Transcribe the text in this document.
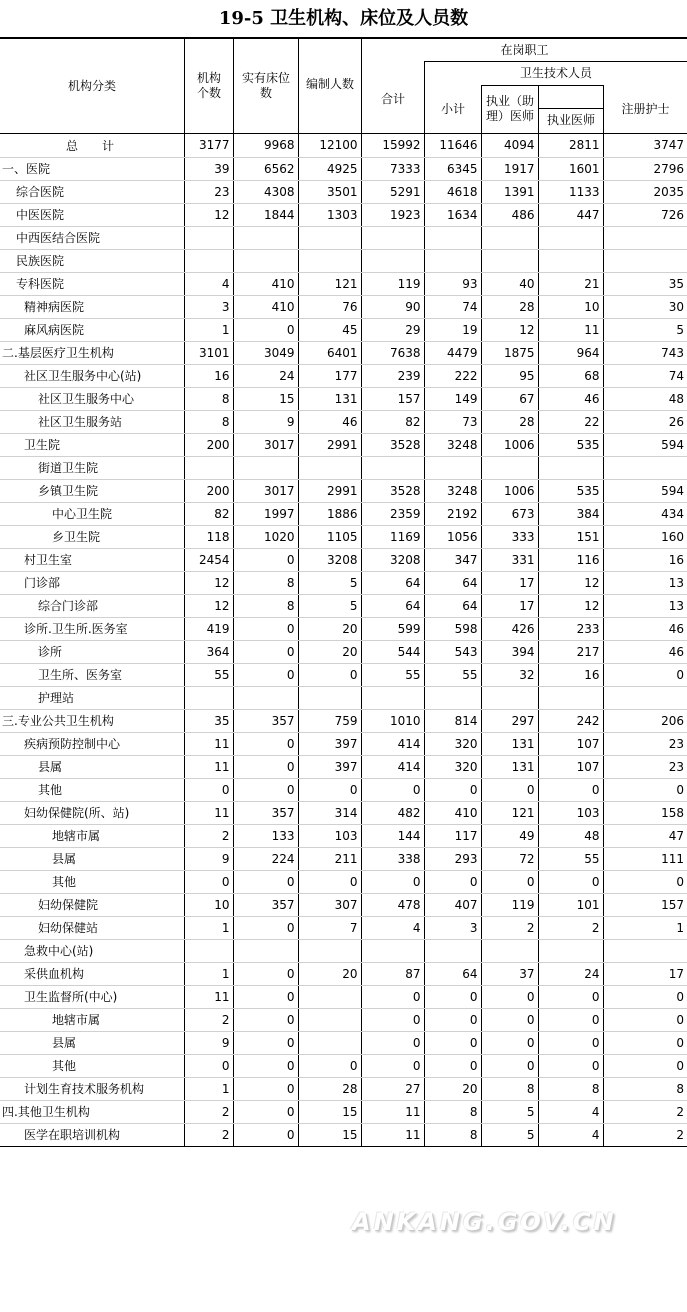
19-5 卫生机构、床位及人员数
机构分类
机构个数
实有床位数
编制人数
在岗职工
合计
卫生技术人员
小计
执业（助理）医师	执业医师
注册护士
总　　计	3177	9968	12100	15992	11646	4094	2811	3747
一、医院	39	6562	4925	7333	6345	1917	1601	2796
综合医院	23	4308	3501	5291	4618	1391	1133	2035
中医医院	12	1844	1303	1923	1634	486	447	726
中西医结合医院								
民族医院								
专科医院	4	410	121	119	93	40	21	35
精神病医院	3	410	76	90	74	28	10	30
麻风病医院	1	0	45	29	19	12	11	5
二.基层医疗卫生机构	3101	3049	6401	7638	4479	1875	964	743
社区卫生服务中心(站)	16	24	177	239	222	95	68	74
社区卫生服务中心	8	15	131	157	149	67	46	48
社区卫生服务站	8	9	46	82	73	28	22	26
卫生院	200	3017	2991	3528	3248	1006	535	594
街道卫生院								
乡镇卫生院	200	3017	2991	3528	3248	1006	535	594
中心卫生院	82	1997	1886	2359	2192	673	384	434
乡卫生院	118	1020	1105	1169	1056	333	151	160
村卫生室	2454	0	3208	3208	347	331	116	16
门诊部	12	8	5	64	64	17	12	13
综合门诊部	12	8	5	64	64	17	12	13
诊所.卫生所.医务室	419	0	20	599	598	426	233	46
诊所	364	0	20	544	543	394	217	46
卫生所、医务室	55	0	0	55	55	32	16	0
护理站								
三.专业公共卫生机构	35	357	759	1010	814	297	242	206
疾病预防控制中心	11	0	397	414	320	131	107	23
县属	11	0	397	414	320	131	107	23
其他	0	0	0	0	0	0	0	0
妇幼保健院(所、站)	11	357	314	482	410	121	103	158
地辖市属	2	133	103	144	117	49	48	47
县属	9	224	211	338	293	72	55	111
其他	0	0	0	0	0	0	0	0
妇幼保健院	10	357	307	478	407	119	101	157
妇幼保健站	1	0	7	4	3	2	2	1
急救中心(站)								
采供血机构	1	0	20	87	64	37	24	17
卫生监督所(中心)	11	0		0	0	0	0	0
地辖市属	2	0		0	0	0	0	0
县属	9	0		0	0	0	0	0
其他	0	0	0	0	0	0	0	0
计划生育技术服务机构	1	0	28	27	20	8	8	8
四.其他卫生机构	2	0	15	11	8	5	4	2
医学在职培训机构	2	0	15	11	8	5	4	2
ANKANG.GOV.CN
